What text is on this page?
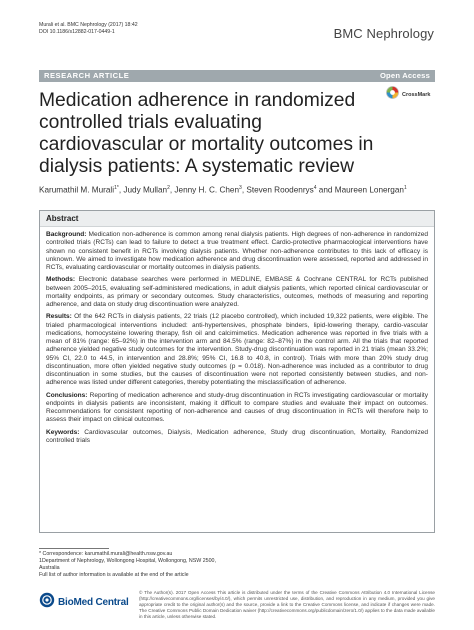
Murali et al. BMC Nephrology (2017) 18:42
DOI 10.1186/s12882-017-0449-1	BMC Nephrology
RESEARCH ARTICLE	Open Access
CrossMark
Medication adherence in randomized controlled trials evaluating cardiovascular or mortality outcomes in dialysis patients: A systematic review
Karumathil M. Murali$^{1*}$, Judy Mullan$^2$, Jenny H. C. Chen$^3$, Steven Roodenrys$^4$ and Maureen Lonergan$^1$
Abstract

Background: Medication non-adherence is common among renal dialysis patients. High degrees of non-adherence in randomized controlled trials (RCTs) can lead to failure to detect a true treatment effect. Cardio-protective pharmacological interventions have shown no consistent benefit in RCTs involving dialysis patients. Whether non-adherence contributes to this lack of efficacy is unknown. We aimed to investigate how medication adherence and drug discontinuation were assessed, reported and addressed in RCTs, evaluating cardiovascular or mortality outcomes in dialysis patients.

Methods: Electronic database searches were performed in MEDLINE, EMBASE & Cochrane CENTRAL for RCTs published between 2005–2015, evaluating self-administered medications, in adult dialysis patients, which reported clinical cardiovascular or mortality endpoints, as primary or secondary outcomes. Study characteristics, outcomes, methods of measuring and reporting adherence, and data on study drug discontinuation were analyzed.

Results: Of the 642 RCTs in dialysis patients, 22 trials (12 placebo controlled), which included 19,322 patients, were eligible. The trialed pharmacological interventions included: anti-hypertensives, phosphate binders, lipid-lowering therapy, cardio-vascular medications, homocysteine lowering therapy, fish oil and calcimimetics. Medication adherence was reported in five trials with a mean of 81% (range: 65–92%) in the intervention arm and 84.5% (range: 82–87%) in the control arm. All the trials that reported adherence yielded negative study outcomes for the intervention. Study-drug discontinuation was reported in 21 trials (mean 33.2%; 95% CI, 22.0 to 44.5, in intervention and 28.8%; 95% CI, 16.8 to 40.8, in control). Trials with more than 20% study drug discontinuation, more often yielded negative study outcomes (p = 0.018). Non-adherence was included as a contributor to drug discontinuation in some studies, but the causes of discontinuation were not reported consistently between studies, and non-adherence was listed under different categories, thereby potentiating the misclassification of adherence.

Conclusions: Reporting of medication adherence and study-drug discontinuation in RCTs investigating cardiovascular or mortality endpoints in dialysis patients are inconsistent, making it difficult to compare studies and evaluate their impact on outcomes. Recommendations for consistent reporting of non-adherence and causes of drug discontinuation in RCTs will therefore help to assess their impact on clinical outcomes.

Keywords: Cardiovascular outcomes, Dialysis, Medication adherence, Study drug discontinuation, Mortality, Randomized controlled trials

* Correspondence: karumathil.murali@health.nsw.gov.au
1Department of Nephrology, Wollongong Hospital, Wollongong, NSW 2500, Australia
Full list of author information is available at the end of the article
BioMed Central
© The Author(s). 2017 Open Access This article is distributed under the terms of the Creative Commons Attribution 4.0 International License (http://creativecommons.org/licenses/by/4.0/), which permits unrestricted use, distribution, and reproduction in any medium, provided you give appropriate credit to the original author(s) and the source, provide a link to the Creative Commons license, and indicate if changes were made. The Creative Commons Public Domain Dedication waiver (http://creativecommons.org/publicdomain/zero/1.0/) applies to the data made available in this article, unless otherwise stated.
